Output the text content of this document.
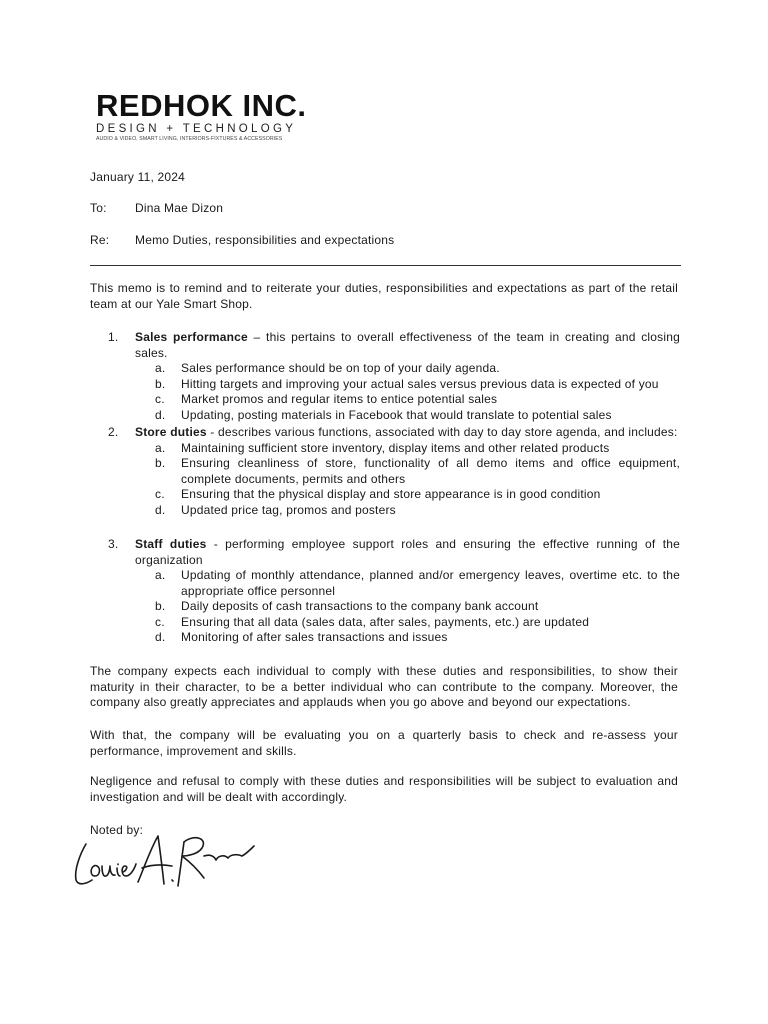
REDHOK INC.
DESIGN + TECHNOLOGY
AUDIO & VIDEO, SMART LIVING, INTERIORS-FIXTURES & ACCESSORIES
January 11, 2024
To: Dina Mae Dizon
Re: Memo Duties, responsibilities and expectations
This memo is to remind and to reiterate your duties, responsibilities and expectations as part of the retail team at our Yale Smart Shop.
1.	Sales performance – this pertains to overall effectiveness of the team in creating and closing sales.
a.	Sales performance should be on top of your daily agenda.
b.	Hitting targets and improving your actual sales versus previous data is expected of you
c.	Market promos and regular items to entice potential sales
d.	Updating, posting materials in Facebook that would translate to potential sales
2.	Store duties - describes various functions, associated with day to day store agenda, and includes:
a.	Maintaining sufficient store inventory, display items and other related products
b.	Ensuring cleanliness of store, functionality of all demo items and office equipment, complete documents, permits and others
c.	Ensuring that the physical display and store appearance is in good condition
d.	Updated price tag, promos and posters
3.	Staff duties - performing employee support roles and ensuring the effective running of the organization
a.	Updating of monthly attendance, planned and/or emergency leaves, overtime etc. to the appropriate office personnel
b.	Daily deposits of cash transactions to the company bank account
c.	Ensuring that all data (sales data, after sales, payments, etc.) are updated
d.	Monitoring of after sales transactions and issues
The company expects each individual to comply with these duties and responsibilities, to show their maturity in their character, to be a better individual who can contribute to the company. Moreover, the company also greatly appreciates and applauds when you go above and beyond our expectations.
With that, the company will be evaluating you on a quarterly basis to check and re-assess your performance, improvement and skills.
Negligence and refusal to comply with these duties and responsibilities will be subject to evaluation and investigation and will be dealt with accordingly.
Noted by:
